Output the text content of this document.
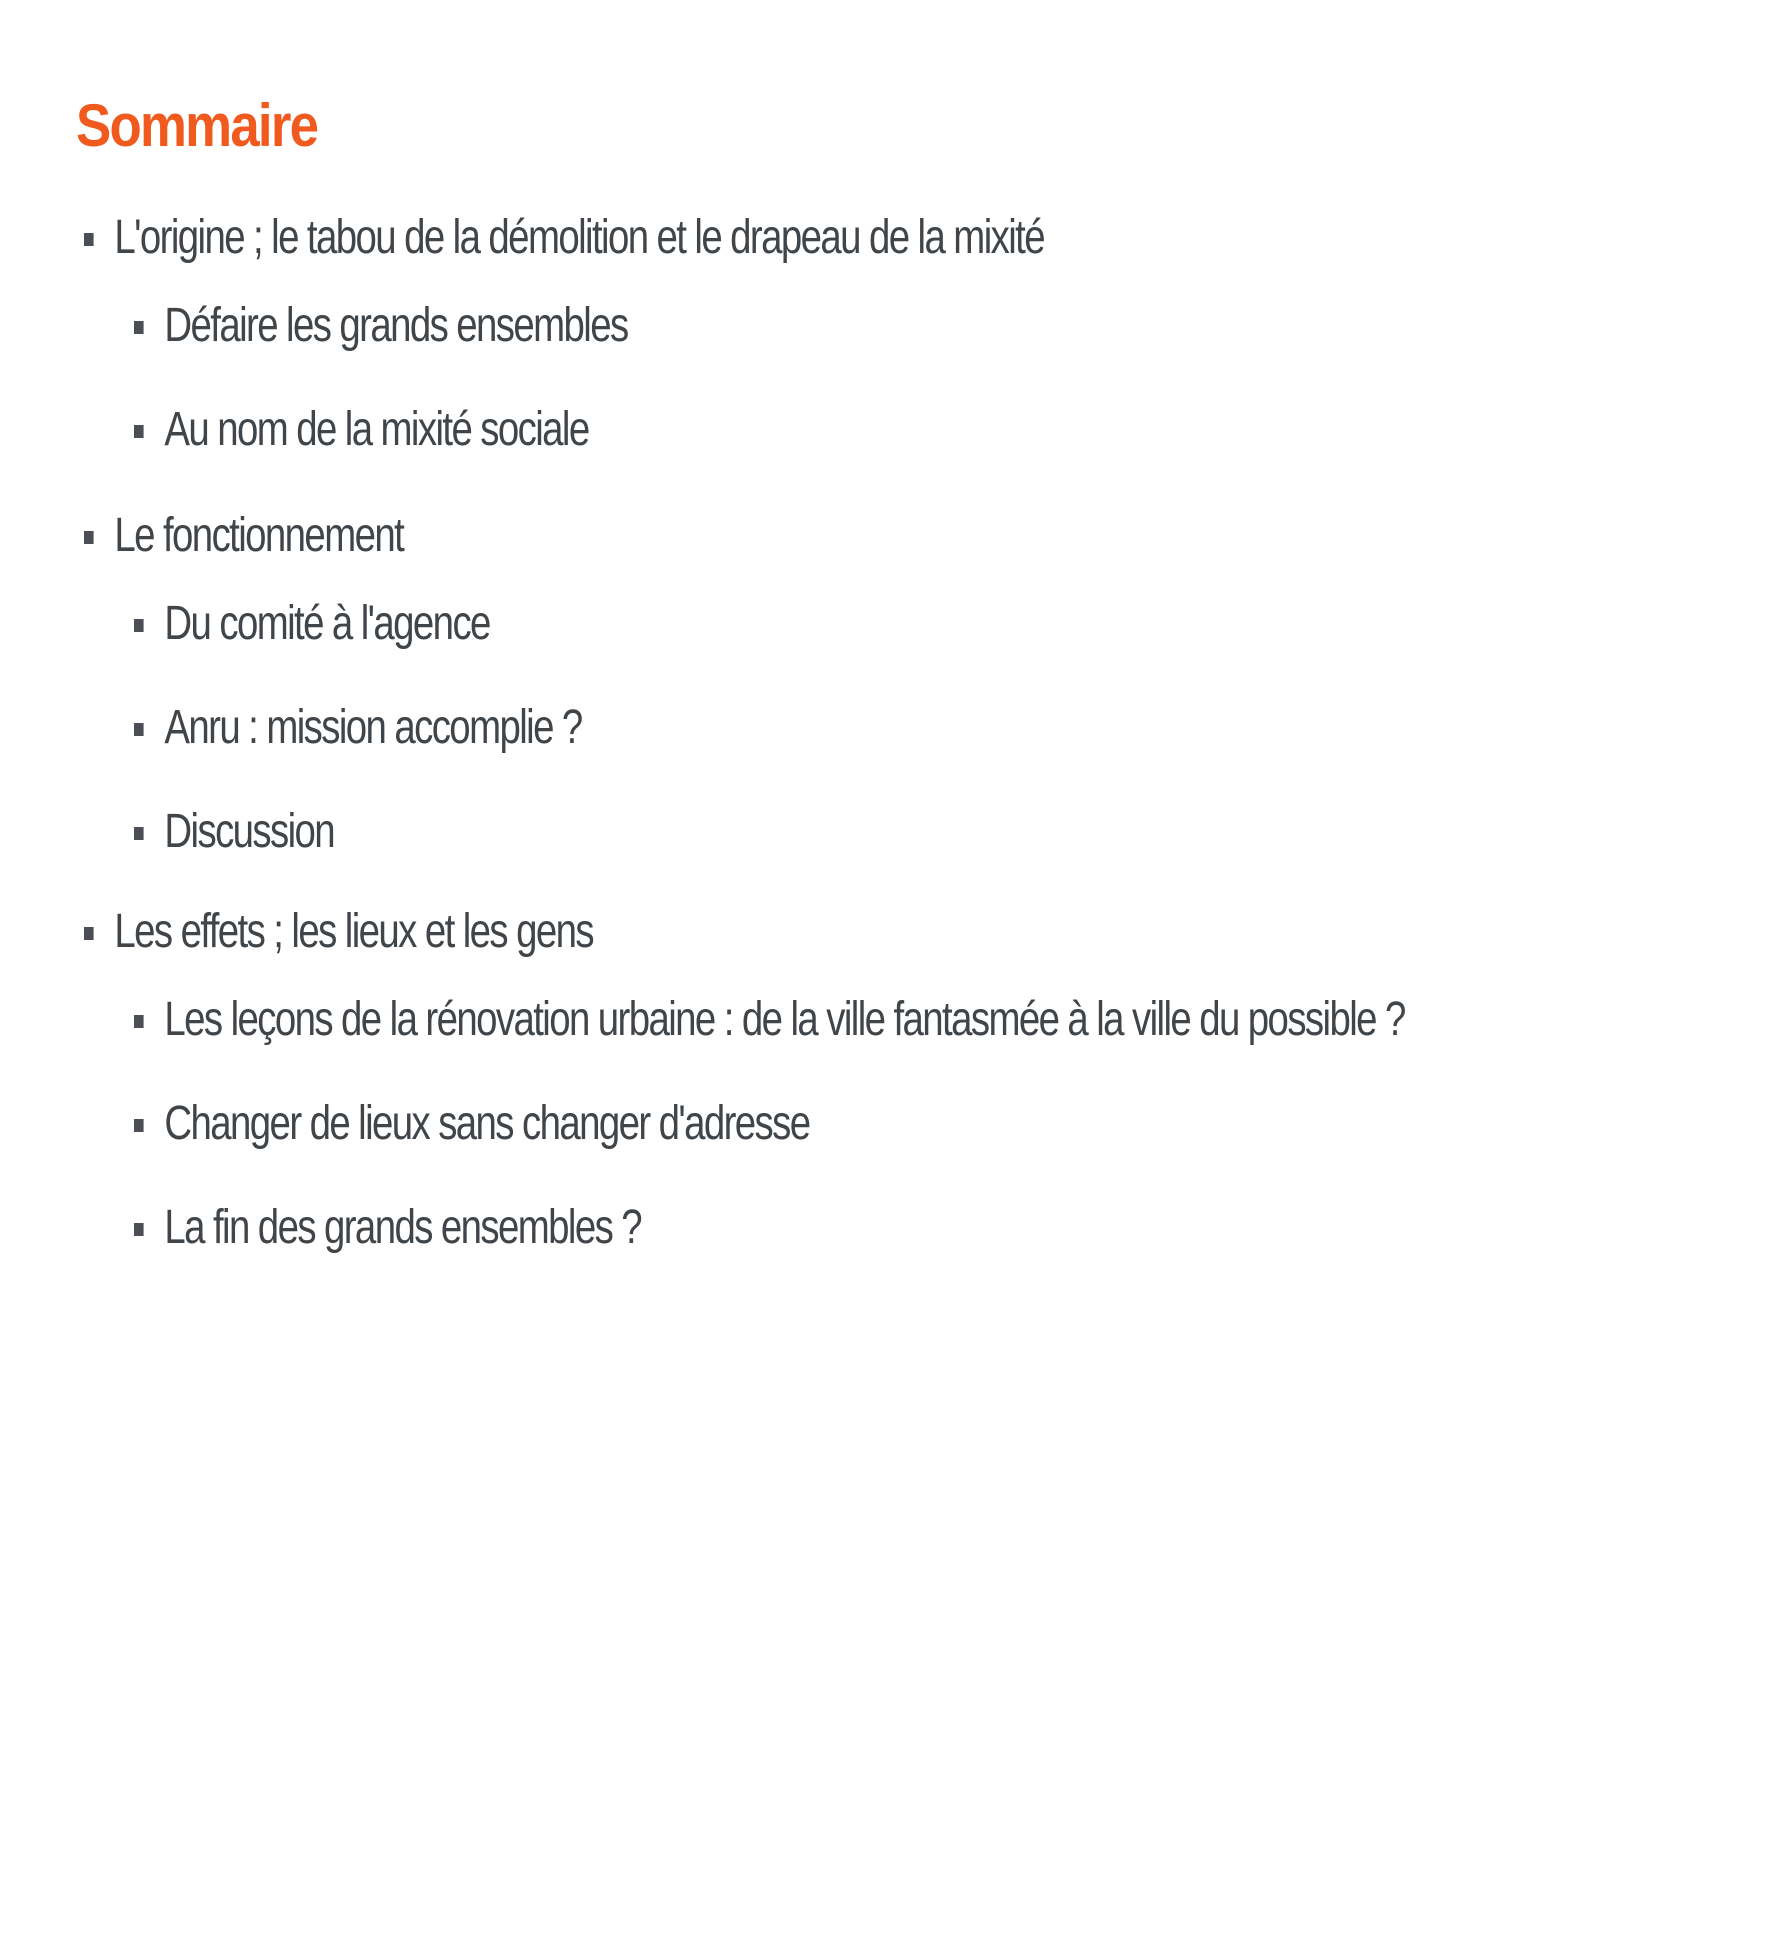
Sommaire
L'origine ; le tabou de la démolition et le drapeau de la mixité
Défaire les grands ensembles
Au nom de la mixité sociale
Le fonctionnement
Du comité à l'agence
Anru : mission accomplie ?
Discussion
Les effets ; les lieux et les gens
Les leçons de la rénovation urbaine : de la ville fantasmée à la ville du possible ?
Changer de lieux sans changer d'adresse
La fin des grands ensembles ?
